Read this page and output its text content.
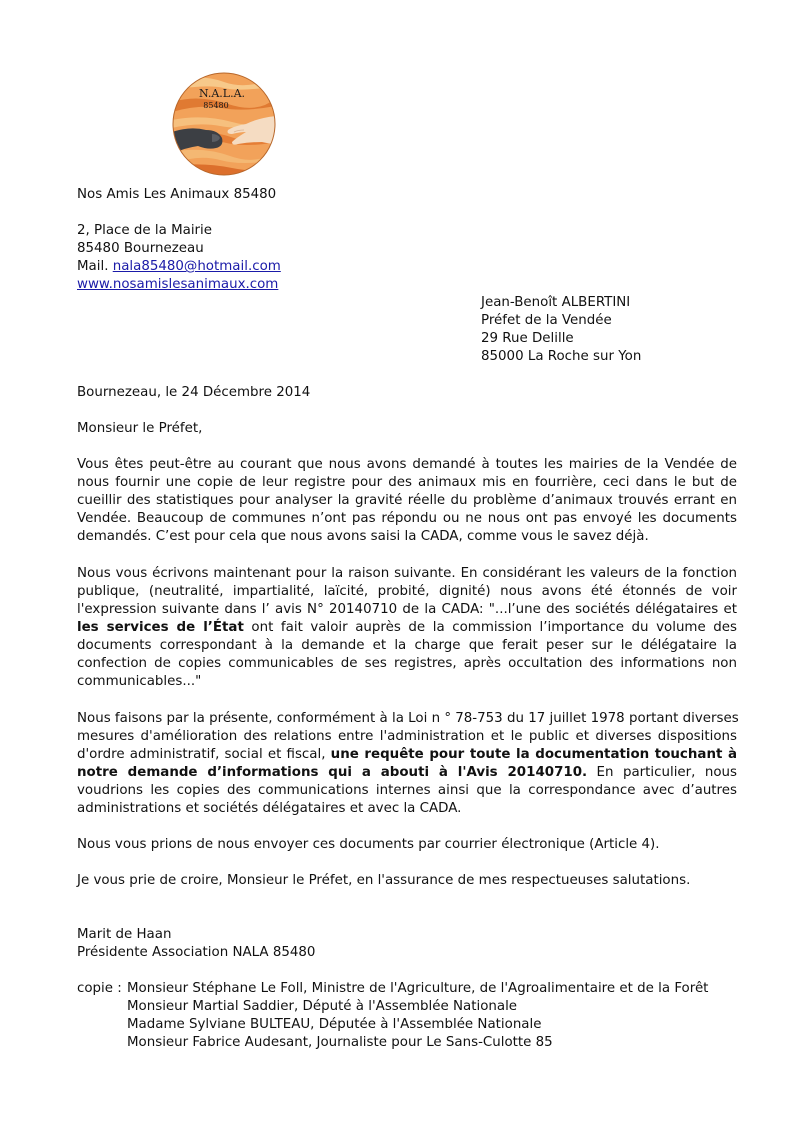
N.A.L.A.
85480
Nos Amis Les Animaux 85480
2, Place de la Mairie
85480 Bournezeau
Mail. nala85480@hotmail.com
www.nosamislesanimaux.com
Jean-Benoît ALBERTINI
Préfet de la Vendée
29 Rue Delille
85000 La Roche sur Yon
Bournezeau, le 24 Décembre 2014
Monsieur le Préfet,
Vous êtes peut-être au courant que nous avons demandé à toutes les mairies de la Vendée de
nous fournir une copie de leur registre pour des animaux mis en fourrière, ceci dans le but de
cueillir des statistiques pour analyser la gravité réelle du problème d’animaux trouvés errant en
Vendée. Beaucoup de communes n’ont pas répondu ou ne nous ont pas envoyé les documents
demandés. C’est pour cela que nous avons saisi la CADA, comme vous le savez déjà.
Nous vous écrivons maintenant pour la raison suivante. En considérant les valeurs de la fonction
publique, (neutralité, impartialité, laïcité, probité, dignité) nous avons été étonnés de voir
l'expression suivante dans l’ avis N° 20140710 de la CADA: "...l’une des sociétés délégataires et
les services de l’État ont fait valoir auprès de la commission l’importance du volume des
documents correspondant à la demande et la charge que ferait peser sur le délégataire la
confection de copies communicables de ses registres, après occultation des informations non
communicables..."
Nous faisons par la présente, conformément à la Loi n ° 78-753 du 17 juillet 1978 portant diverses
mesures d'amélioration des relations entre l'administration et le public et diverses dispositions
d'ordre administratif, social et fiscal, une requête pour toute la documentation touchant à
notre demande d’informations qui a abouti à l'Avis 20140710. En particulier, nous
voudrions les copies des communications internes ainsi que la correspondance avec d’autres
administrations et sociétés délégataires et avec la CADA.
Nous vous prions de nous envoyer ces documents par courrier électronique (Article 4).
Je vous prie de croire, Monsieur le Préfet, en l'assurance de mes respectueuses salutations.
Marit de Haan
Présidente Association NALA 85480
copie : Monsieur Stéphane Le Foll, Ministre de l'Agriculture, de l'Agroalimentaire et de la Forêt
Monsieur Martial Saddier, Député à l'Assemblée Nationale
Madame Sylviane BULTEAU, Députée à l'Assemblée Nationale
Monsieur Fabrice Audesant, Journaliste pour Le Sans-Culotte 85
